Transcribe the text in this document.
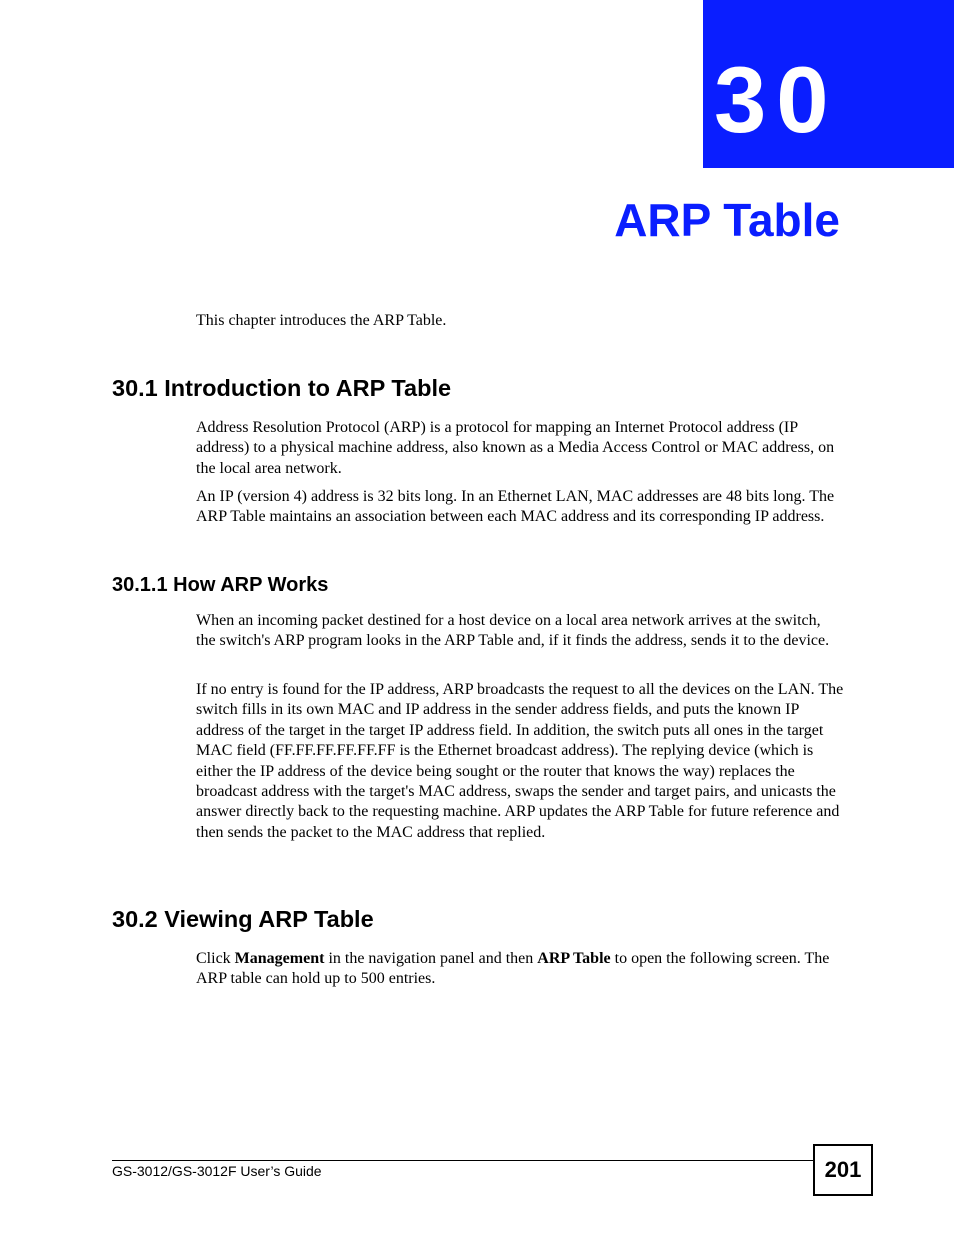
30
ARP Table

This chapter introduces the ARP Table.

30.1 Introduction to ARP Table

Address Resolution Protocol (ARP) is a protocol for mapping an Internet Protocol address (IP address) to a physical machine address, also known as a Media Access Control or MAC address, on the local area network.

An IP (version 4) address is 32 bits long. In an Ethernet LAN, MAC addresses are 48 bits long. The ARP Table maintains an association between each MAC address and its corresponding IP address.

30.1.1 How ARP Works

When an incoming packet destined for a host device on a local area network arrives at the switch, the switch's ARP program looks in the ARP Table and, if it finds the address, sends it to the device.

If no entry is found for the IP address, ARP broadcasts the request to all the devices on the LAN. The switch fills in its own MAC and IP address in the sender address fields, and puts the known IP address of the target in the target IP address field. In addition, the switch puts all ones in the target MAC field (FF.FF.FF.FF.FF.FF is the Ethernet broadcast address). The replying device (which is either the IP address of the device being sought or the router that knows the way) replaces the broadcast address with the target's MAC address, swaps the sender and target pairs, and unicasts the answer directly back to the requesting machine. ARP updates the ARP Table for future reference and then sends the packet to the MAC address that replied.

30.2 Viewing ARP Table

Click Management in the navigation panel and then ARP Table to open the following screen. The ARP table can hold up to 500 entries.

GS-3012/GS-3012F User’s Guide	201
